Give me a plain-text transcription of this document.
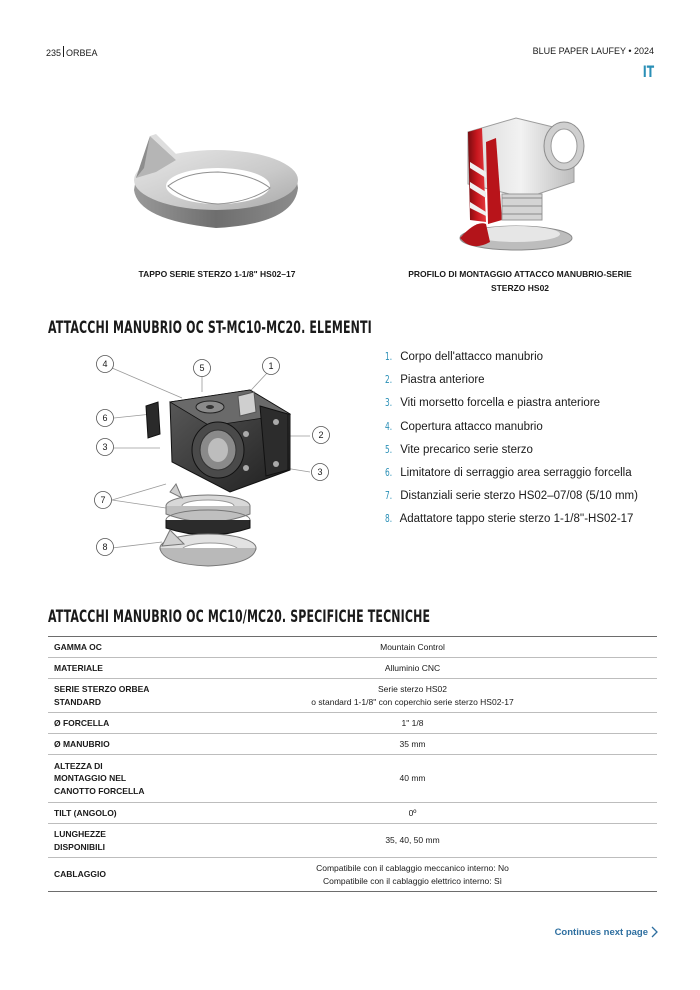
235 ORBEA	BLUE PAPER LAUFEY • 2024
IT
TAPPO SERIE STERZO 1-1/8" HS02–17	PROFILO DI MONTAGGIO ATTACCO MANUBRIO-SERIE
STERZO HS02
ATTACCHI MANUBRIO OC ST-MC10-MC20. ELEMENTI
4	5	1
6
3
2
3
7
8
1. Corpo dell'attacco manubrio
2. Piastra anteriore
3. Viti morsetto forcella e piastra anteriore
4. Copertura attacco manubrio
5. Vite precarico serie sterzo
6. Limitatore di serraggio area serraggio forcella
7. Distanziali serie sterzo HS02–07/08 (5/10 mm)
8. Adattatore tappo sterie sterzo 1-1/8''-HS02-17
ATTACCHI MANUBRIO OC MC10/MC20. SPECIFICHE TECNICHE
GAMMA OC	Mountain Control
MATERIALE	Alluminio CNC
SERIE STERZO ORBEA
STANDARD	Serie sterzo HS02
o standard 1-1/8" con coperchio serie sterzo HS02-17
Ø FORCELLA	1" 1/8
Ø MANUBRIO	35 mm
ALTEZZA DI
MONTAGGIO NEL
CANOTTO FORCELLA	40 mm
TILT (ANGOLO)	0º
LUNGHEZZE
DISPONIBILI	35, 40, 50 mm
CABLAGGIO	Compatibile con il cablaggio meccanico interno: No
Compatibile con il cablaggio elettrico interno: Sì
Continues next page
